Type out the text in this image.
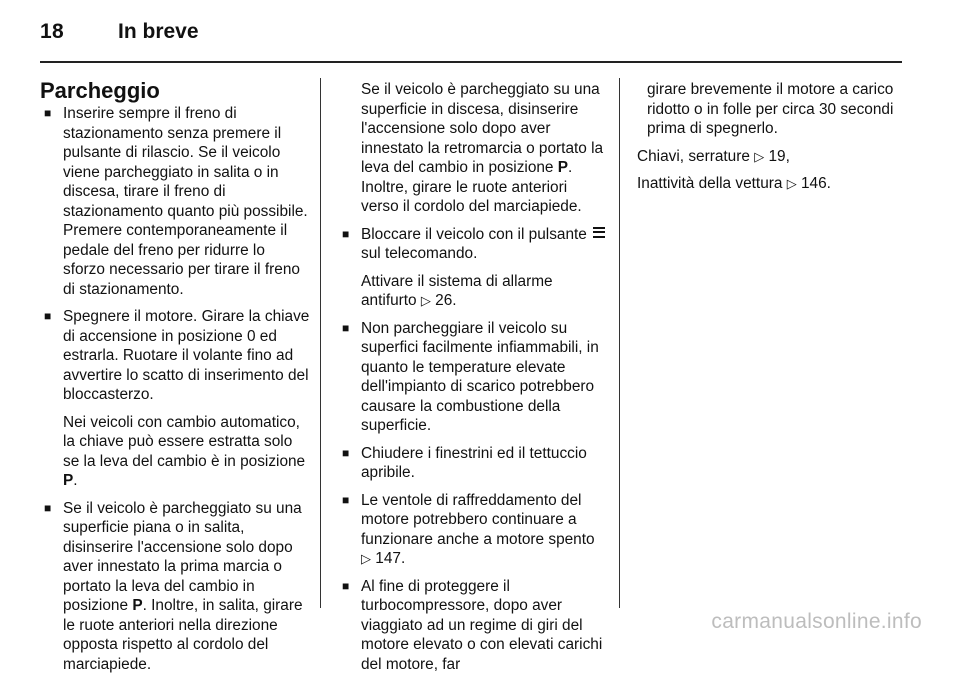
18	In breve
Parcheggio
■ Inserire sempre il freno di stazionamento senza premere il pulsante di rilascio. Se il veicolo viene parcheggiato in salita o in discesa, tirare il freno di stazionamento quanto più possibile. Premere contemporaneamente il pedale del freno per ridurre lo sforzo necessario per tirare il freno di stazionamento.
■ Spegnere il motore. Girare la chiave di accensione in posizione 0 ed estrarla. Ruotare il volante fino ad avvertire lo scatto di inserimento del bloccasterzo.
Nei veicoli con cambio automatico, la chiave può essere estratta solo se la leva del cambio è in posizione P.
■ Se il veicolo è parcheggiato su una superficie piana o in salita, disinserire l'accensione solo dopo aver innestato la prima marcia o portato la leva del cambio in posizione P. Inoltre, in salita, girare le ruote anteriori nella direzione opposta rispetto al cordolo del marciapiede.
Se il veicolo è parcheggiato su una superficie in discesa, disinserire l'accensione solo dopo aver innestato la retromarcia o portato la leva del cambio in posizione P. Inoltre, girare le ruote anteriori verso il cordolo del marciapiede.
■ Bloccare il veicolo con il pulsante  sul telecomando.
Attivare il sistema di allarme antifurto ▷ 26.
■ Non parcheggiare il veicolo su superfici facilmente infiammabili, in quanto le temperature elevate dell'impianto di scarico potrebbero causare la combustione della superficie.
■ Chiudere i finestrini ed il tettuccio apribile.
■ Le ventole di raffreddamento del motore potrebbero continuare a funzionare anche a motore spento ▷ 147.
■ Al fine di proteggere il turbocompressore, dopo aver viaggiato ad un regime di giri del motore elevato o con elevati carichi del motore, far
girare brevemente il motore a carico ridotto o in folle per circa 30 secondi prima di spegnerlo.
Chiavi, serrature ▷ 19,
Inattività della vettura ▷ 146.
carmanualsonline.info
